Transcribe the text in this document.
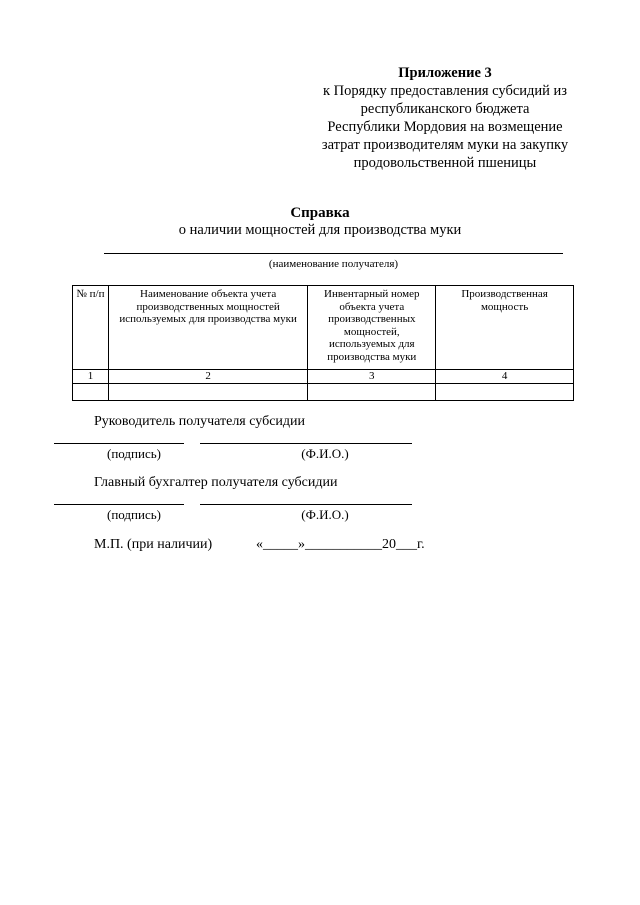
Приложение 3
к Порядку предоставления субсидий из
республиканского бюджета
Республики Мордовия на возмещение
затрат производителям муки на закупку
продовольственной пшеницы
Справка
о наличии мощностей для производства муки
(наименование получателя)
№ п/п	Наименование объекта учета производственных мощностей используемых для производства муки	Инвентарный номер объекта учета производственных мощностей, используемых для производства муки	Производственная мощность
1	2	3	4

Руководитель получателя субсидии
(подпись)	(Ф.И.О.)
Главный бухгалтер получателя субсидии
(подпись)	(Ф.И.О.)
М.П. (при наличии)	«_____»___________20___г.
